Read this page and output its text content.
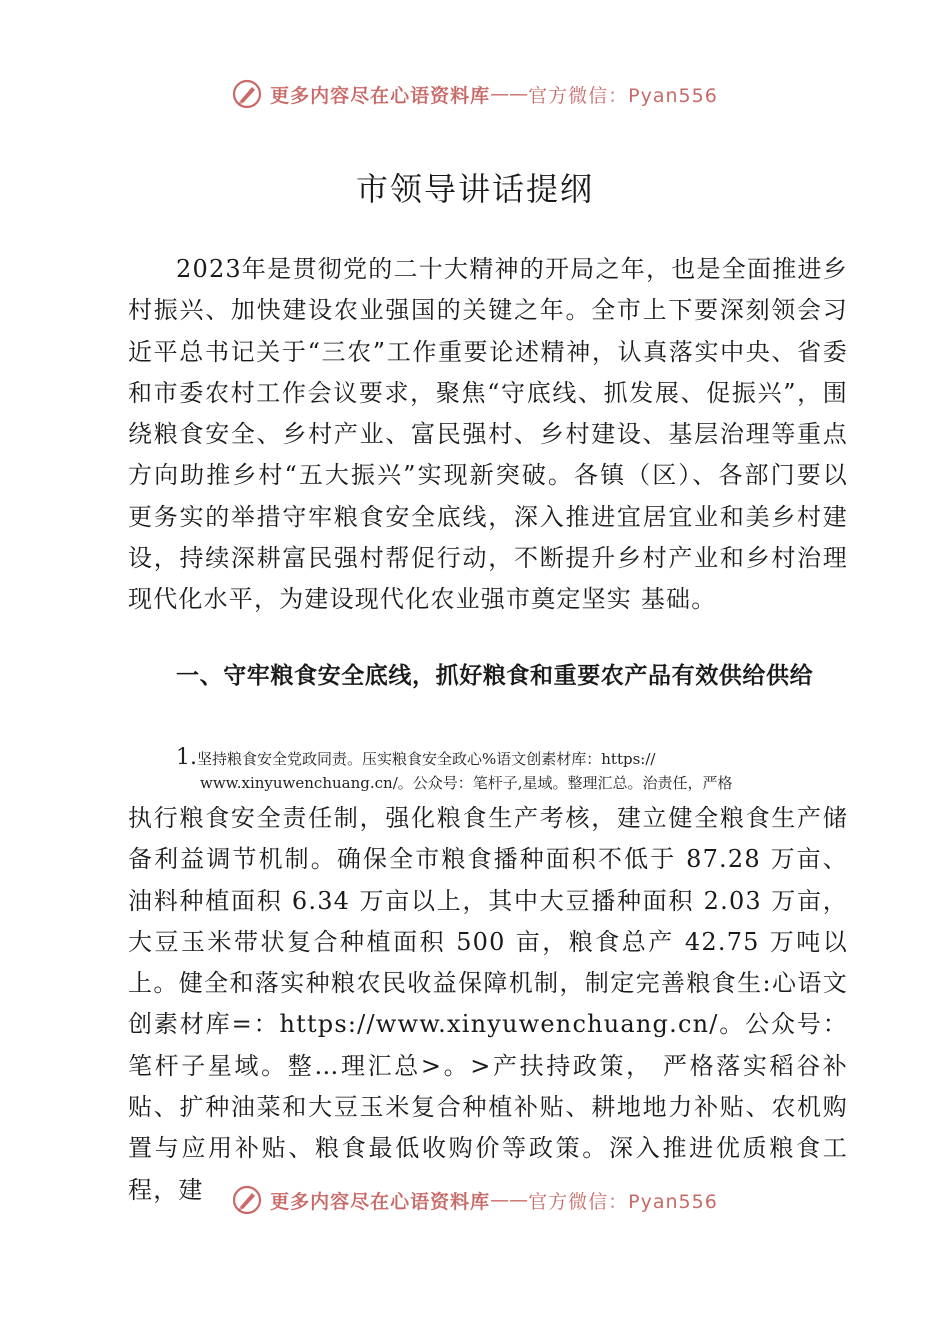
更多内容尽在心语资料库 —— 官方微信：Pyan556
市领导讲话提纲
2023年是贯彻党的二十大精神的开局之年，也是全面推进乡村振兴、加快建设农业强国的关键之年。全市上下要深刻领会习近平总书记关于“三农”工作重要论述精神，认真落实中央、省委和市委农村工作会议要求，聚焦“守底线、抓发展、促振兴”，围绕粮食安全、乡村产业、富民强村、乡村建设、基层治理等重点方向助推乡村“五大振兴”实现新突破。各镇（区）、各部门要以更务实的举措守牢粮食安全底线，深入推进宜居宜业和美乡村建设，持续深耕富民强村帮促行动，不断提升乡村产业和乡村治理现代化水平，为建设现代化农业强市奠定坚实 基础。
一、守牢粮食安全底线，抓好粮食和重要农产品有效供给供给
1.坚持粮食安全党政同责。压实粮食安全政心%语文创素材库：https://
www.xinyuwenchuang.cn/。公众号：笔杆子,星域。整理汇总。治责任，严格
执行粮食安全责任制，强化粮食生产考核，建立健全粮食生产储备利益调节机制。确保全市粮食播种面积不低于 87.28 万亩、油料种植面积 6.34 万亩以上，其中大豆播种面积 2.03 万亩，大豆玉米带状复合种植面积 500 亩，粮食总产 42.75 万吨以上。健全和落实种粮农民收益保障机制，制定完善粮食生:心语文创素材库=：https://www.xinyuwenchuang.cn/。公众号：笔杆子星域。整…理汇总>。>产扶持政策， 严格落实稻谷补贴、扩种油菜和大豆玉米复合种植补贴、耕地地力补贴、农机购置与应用补贴、粮食最低收购价等政策。深入推进优质粮食工程，建	更多内容尽在心语资料库 —— 官方微信：Pyan556
